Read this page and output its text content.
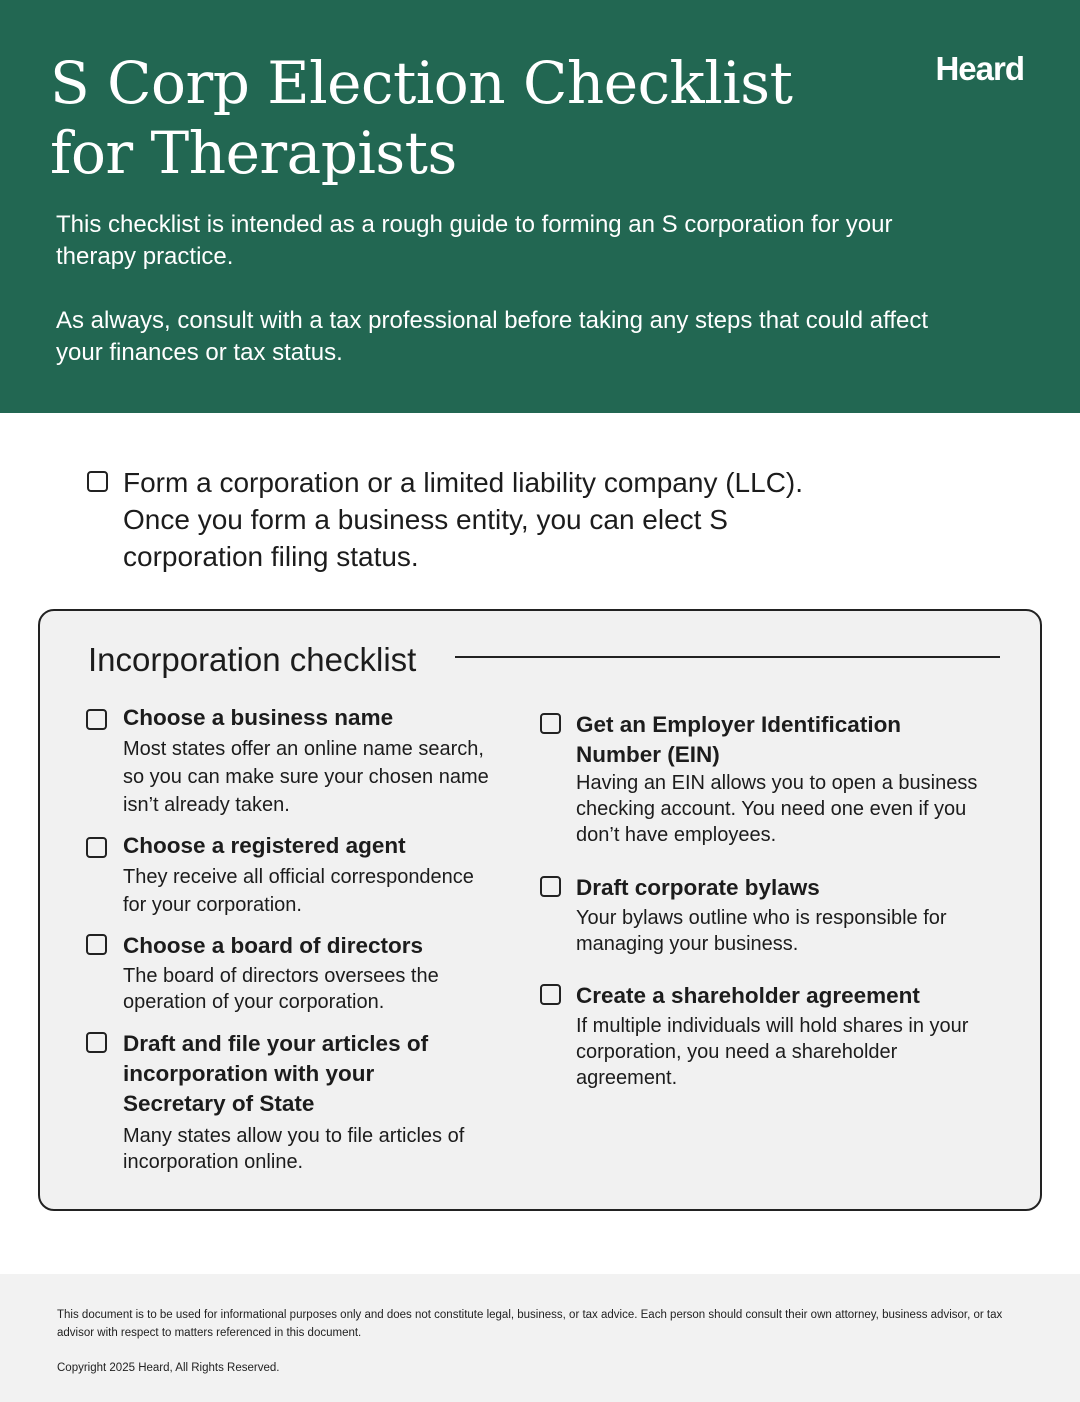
S Corp Election Checklist
for Therapists
Heard
This checklist is intended as a rough guide to forming an S corporation for your therapy practice.
As always, consult with a tax professional before taking any steps that could affect your finances or tax status.
Form a corporation or a limited liability company (LLC). Once you form a business entity, you can elect S corporation filing status.
Incorporation checklist
Choose a business name
Most states offer an online name search, so you can make sure your chosen name isn’t already taken.
Choose a registered agent
They receive all official correspondence for your corporation.
Choose a board of directors
The board of directors oversees the operation of your corporation.
Draft and file your articles of incorporation with your Secretary of State
Many states allow you to file articles of incorporation online.
Get an Employer Identification Number (EIN)
Having an EIN allows you to open a business checking account. You need one even if you don’t have employees.
Draft corporate bylaws
Your bylaws outline who is responsible for managing your business.
Create a shareholder agreement
If multiple individuals will hold shares in your corporation, you need a shareholder agreement.
This document is to be used for informational purposes only and does not constitute legal, business, or tax advice. Each person should consult their own attorney, business advisor, or tax advisor with respect to matters referenced in this document.
Copyright 2025 Heard, All Rights Reserved.
